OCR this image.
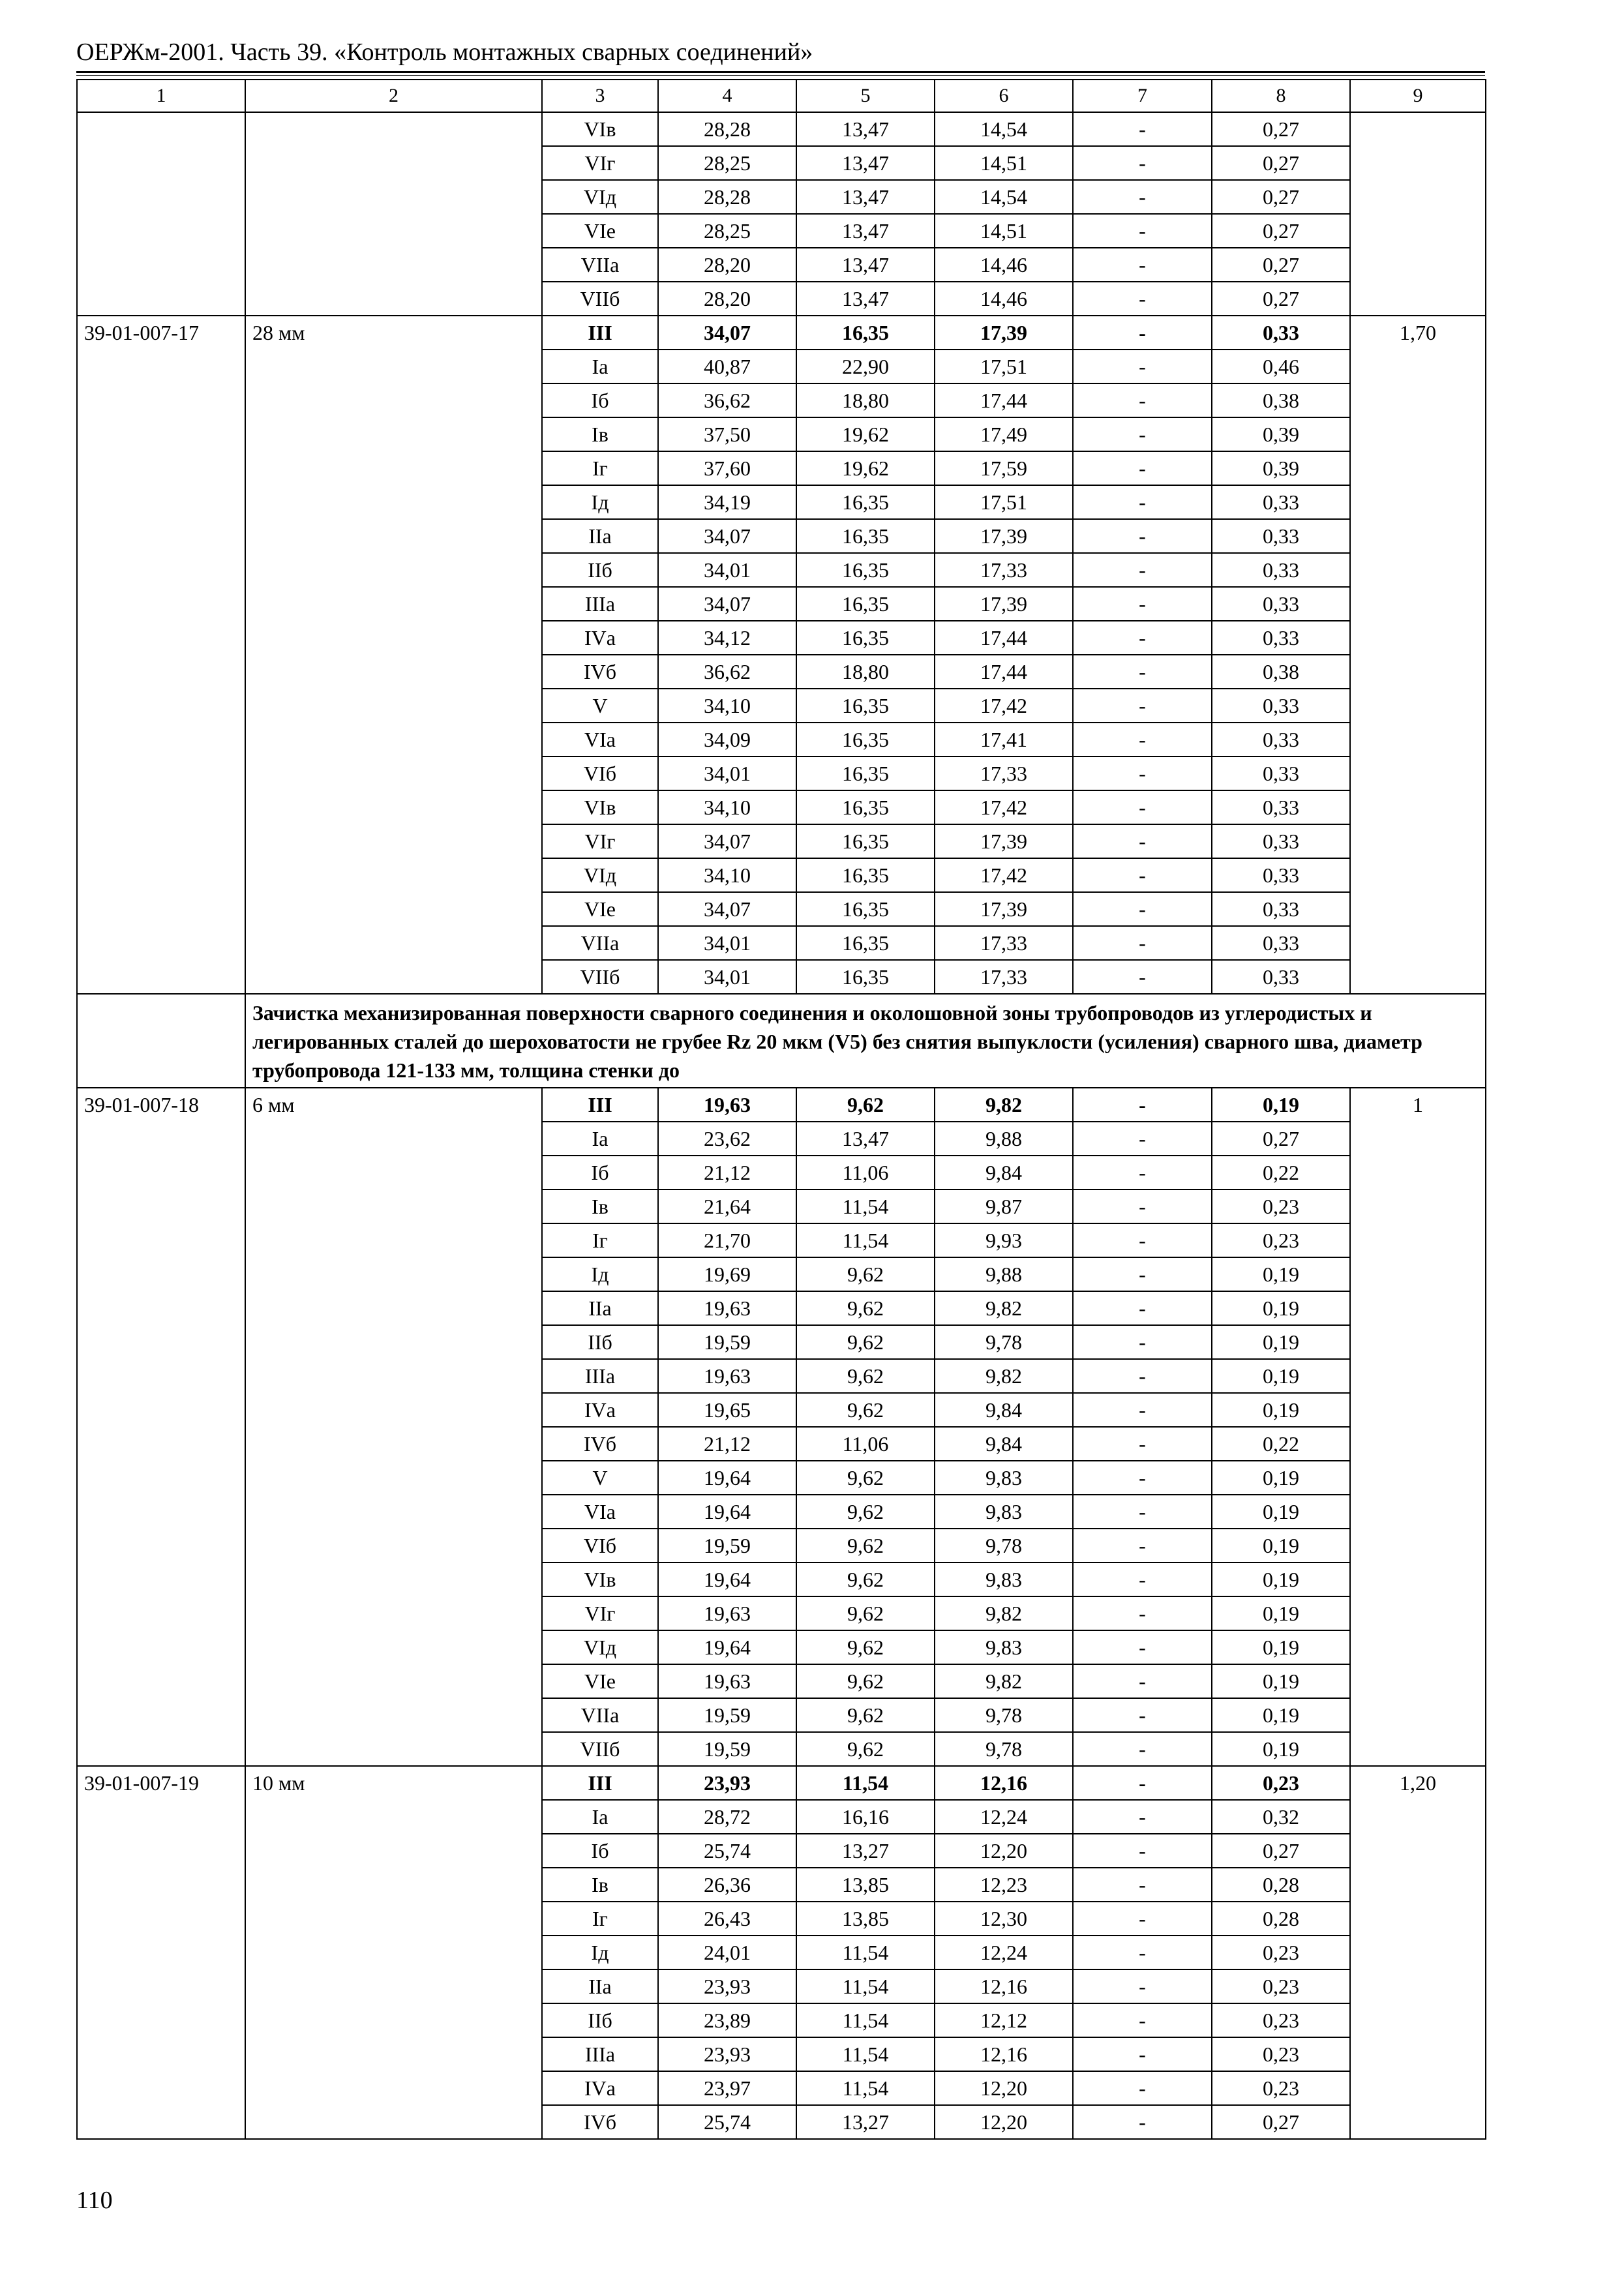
ОЕРЖм-2001. Часть 39. «Контроль монтажных сварных соединений»
1	2	3	4	5	6	7	8	9
		VIв	28,28	13,47	14,54	-	0,27	
		VIг	28,25	13,47	14,51	-	0,27	
		VIд	28,28	13,47	14,54	-	0,27	
		VIе	28,25	13,47	14,51	-	0,27	
		VIIа	28,20	13,47	14,46	-	0,27	
		VIIб	28,20	13,47	14,46	-	0,27	
39-01-007-17	28 мм	III	34,07	16,35	17,39	-	0,33	1,70
		Iа	40,87	22,90	17,51	-	0,46	
		Iб	36,62	18,80	17,44	-	0,38	
		Iв	37,50	19,62	17,49	-	0,39	
		Iг	37,60	19,62	17,59	-	0,39	
		Iд	34,19	16,35	17,51	-	0,33	
		IIа	34,07	16,35	17,39	-	0,33	
		IIб	34,01	16,35	17,33	-	0,33	
		IIIа	34,07	16,35	17,39	-	0,33	
		IVа	34,12	16,35	17,44	-	0,33	
		IVб	36,62	18,80	17,44	-	0,38	
		V	34,10	16,35	17,42	-	0,33	
		VIа	34,09	16,35	17,41	-	0,33	
		VIб	34,01	16,35	17,33	-	0,33	
		VIв	34,10	16,35	17,42	-	0,33	
		VIг	34,07	16,35	17,39	-	0,33	
		VIд	34,10	16,35	17,42	-	0,33	
		VIе	34,07	16,35	17,39	-	0,33	
		VIIа	34,01	16,35	17,33	-	0,33	
		VIIб	34,01	16,35	17,33	-	0,33	
	Зачистка механизированная поверхности сварного соединения и околошовной зоны трубопроводов из углеродистых и легированных сталей до шероховатости не грубее Rz 20 мкм (V5) без снятия выпуклости (усиления) сварного шва, диаметр трубопровода 121-133 мм, толщина стенки до							
39-01-007-18	6 мм	III	19,63	9,62	9,82	-	0,19	1
		Iа	23,62	13,47	9,88	-	0,27	
		Iб	21,12	11,06	9,84	-	0,22	
		Iв	21,64	11,54	9,87	-	0,23	
		Iг	21,70	11,54	9,93	-	0,23	
		Iд	19,69	9,62	9,88	-	0,19	
		IIа	19,63	9,62	9,82	-	0,19	
		IIб	19,59	9,62	9,78	-	0,19	
		IIIа	19,63	9,62	9,82	-	0,19	
		IVа	19,65	9,62	9,84	-	0,19	
		IVб	21,12	11,06	9,84	-	0,22	
		V	19,64	9,62	9,83	-	0,19	
		VIа	19,64	9,62	9,83	-	0,19	
		VIб	19,59	9,62	9,78	-	0,19	
		VIв	19,64	9,62	9,83	-	0,19	
		VIг	19,63	9,62	9,82	-	0,19	
		VIд	19,64	9,62	9,83	-	0,19	
		VIе	19,63	9,62	9,82	-	0,19	
		VIIа	19,59	9,62	9,78	-	0,19	
		VIIб	19,59	9,62	9,78	-	0,19	
39-01-007-19	10 мм	III	23,93	11,54	12,16	-	0,23	1,20
		Iа	28,72	16,16	12,24	-	0,32	
		Iб	25,74	13,27	12,20	-	0,27	
		Iв	26,36	13,85	12,23	-	0,28	
		Iг	26,43	13,85	12,30	-	0,28	
		Iд	24,01	11,54	12,24	-	0,23	
		IIа	23,93	11,54	12,16	-	0,23	
		IIб	23,89	11,54	12,12	-	0,23	
		IIIа	23,93	11,54	12,16	-	0,23	
		IVа	23,97	11,54	12,20	-	0,23	
		IVб	25,74	13,27	12,20	-	0,27	
110
